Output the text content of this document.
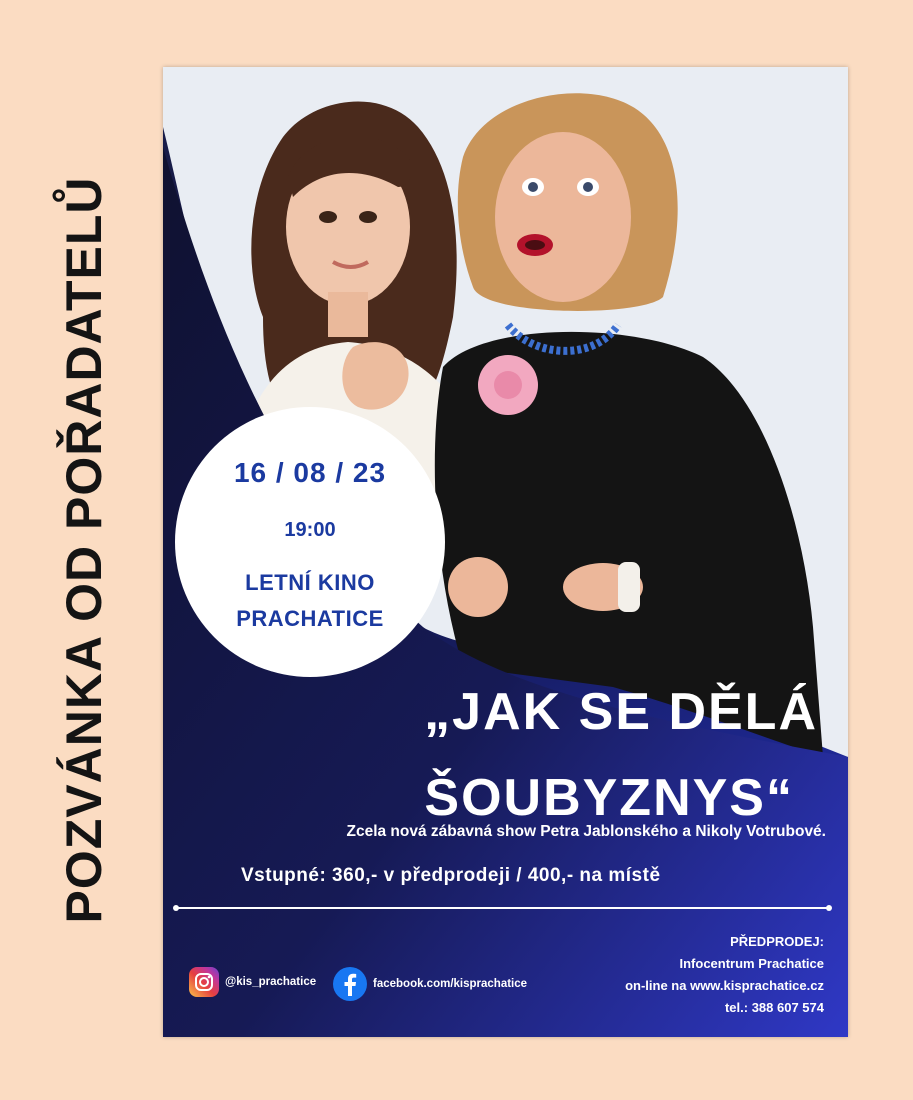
POZVÁNKA OD POŘADATELŮ	16 / 08 / 23
19:00
LETNÍ KINO
PRACHATICE
„JAK SE DĚLÁ

ŠOUBYZNYS“
Zcela nová zábavná show Petra Jablonského a Nikoly Votrubové.
Vstupné: 360,- v předprodeji / 400,- na místě
@kis_prachatice	facebook.com/kisprachatice
PŘEDPRODEJ:
Infocentrum Prachatice
on-line na www.kisprachatice.cz
tel.: 388 607 574
